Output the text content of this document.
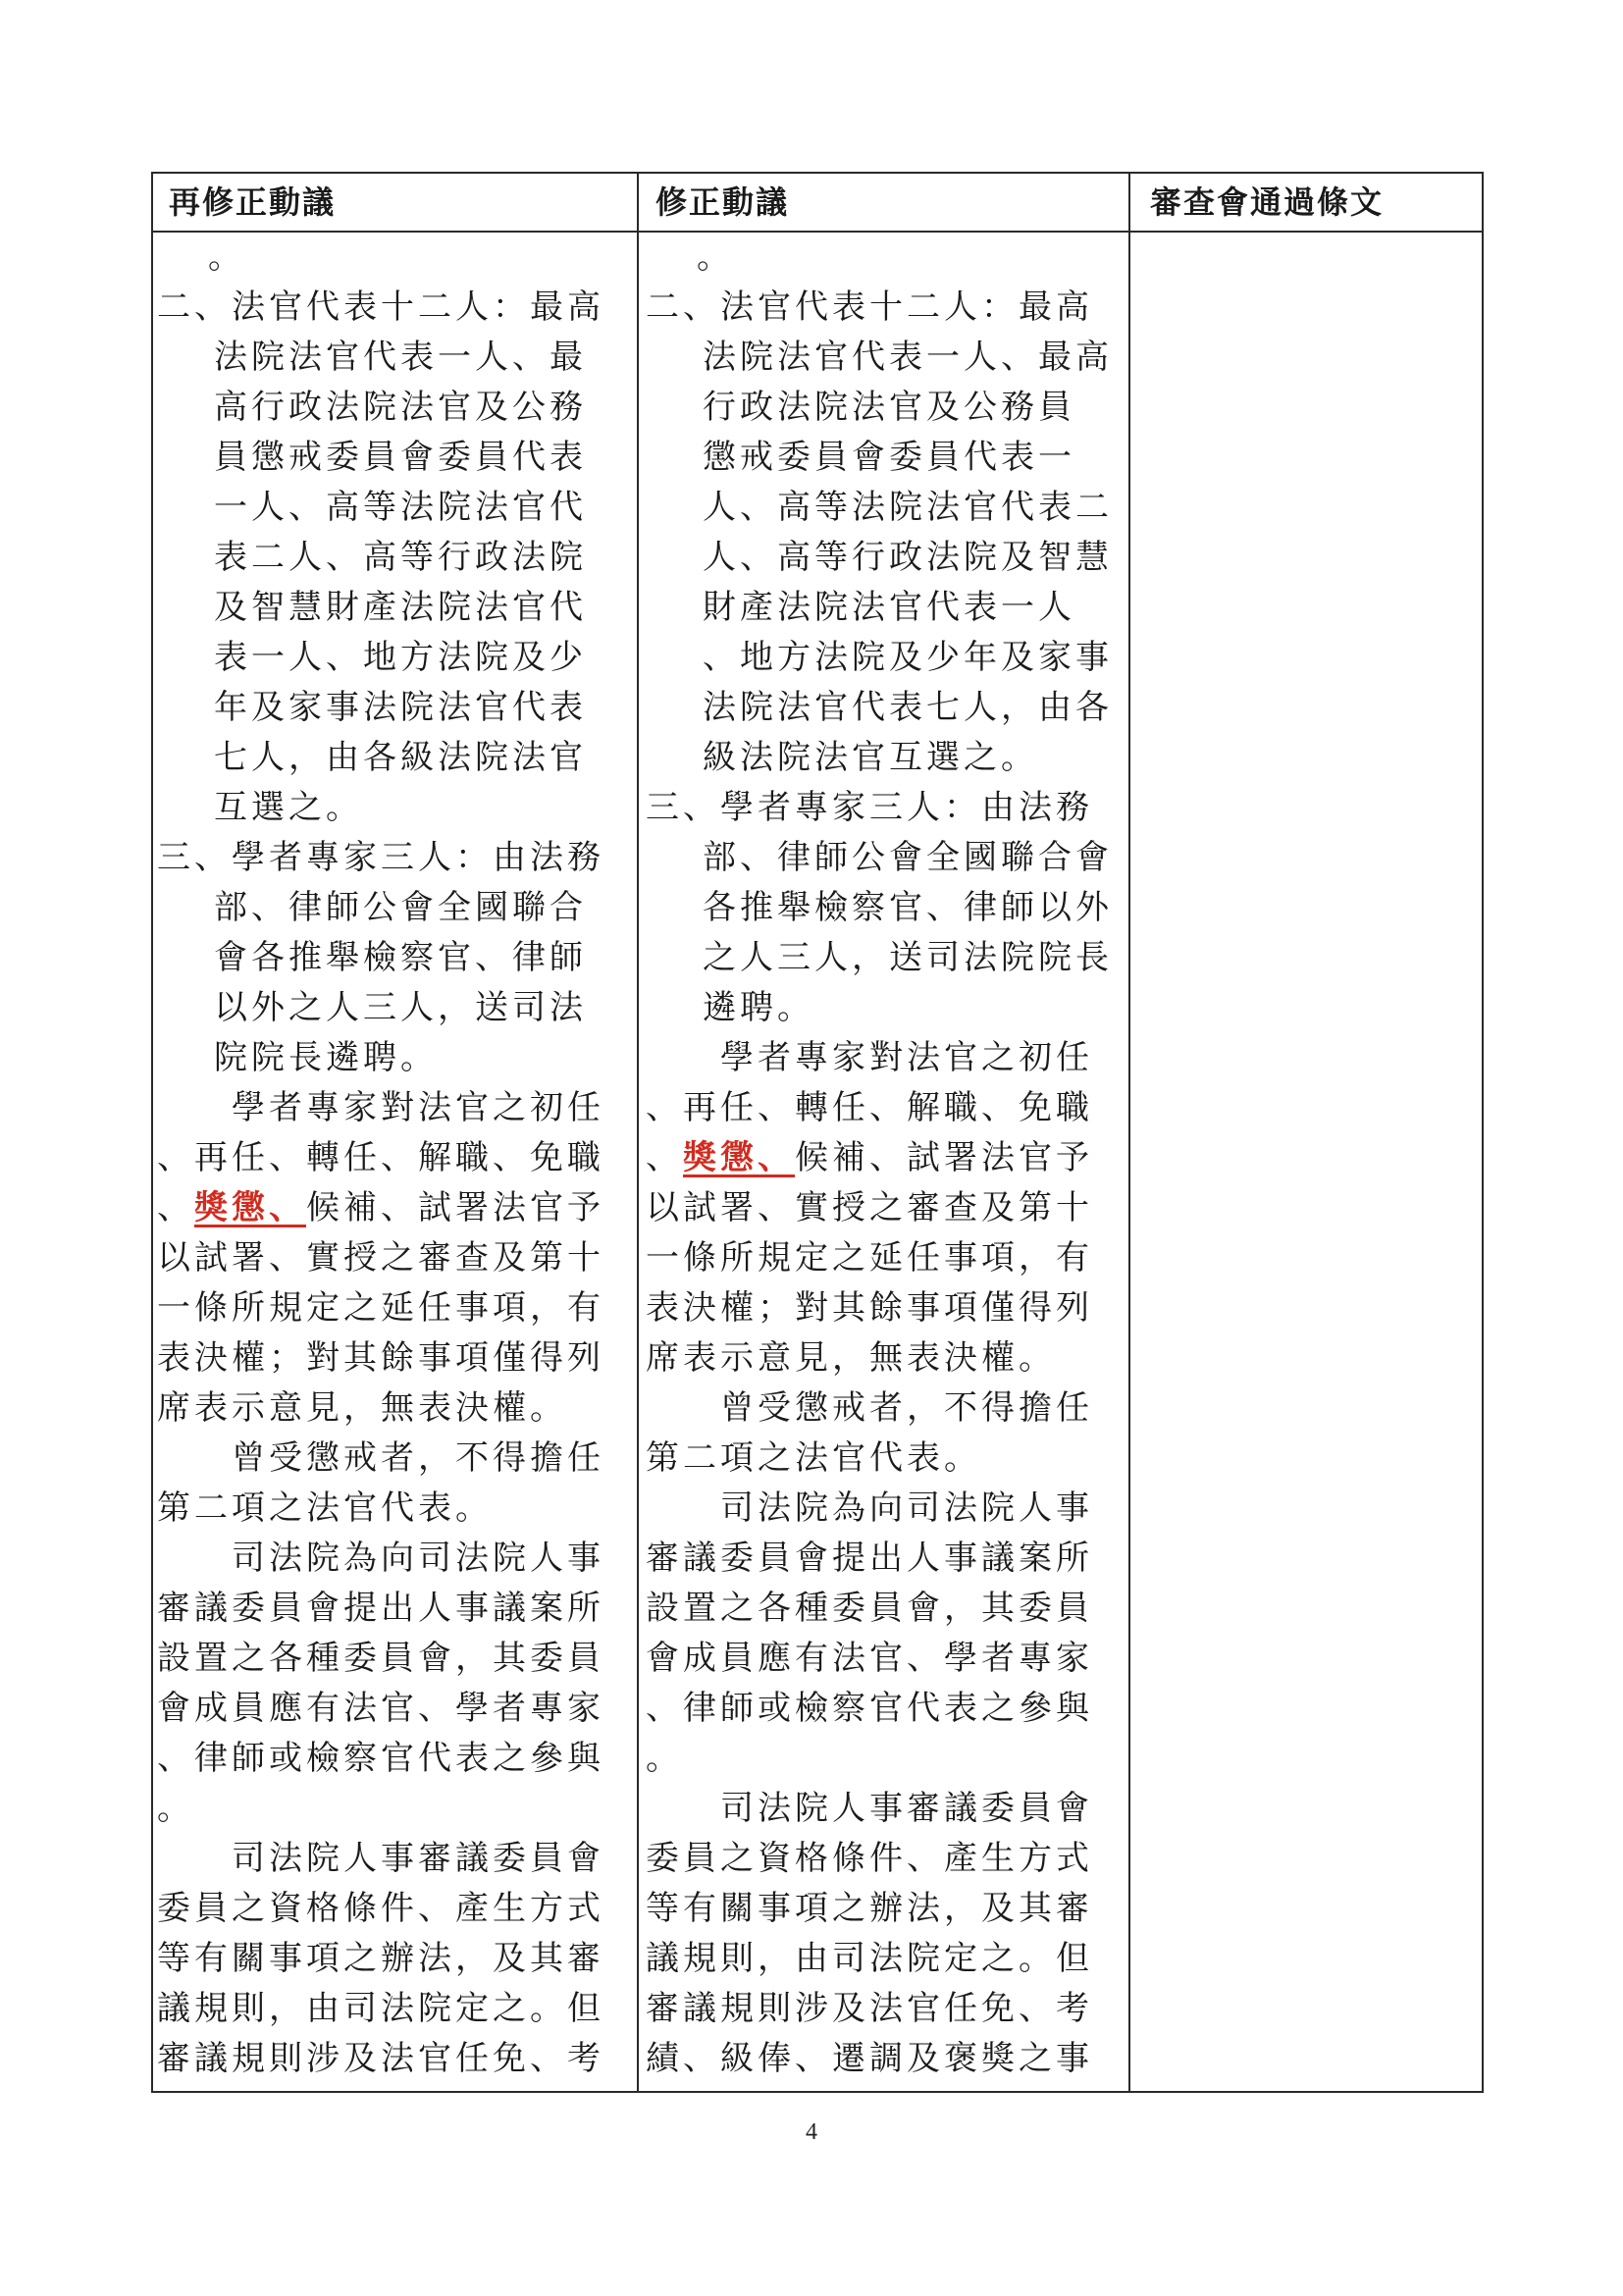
再修正動議	修正動議	審查會通過條文
。
二、法官代表十二人：最高
法院法官代表一人、最
高行政法院法官及公務
員懲戒委員會委員代表
一人、高等法院法官代
表二人、高等行政法院
及智慧財產法院法官代
表一人、地方法院及少
年及家事法院法官代表
七人，由各級法院法官
互選之。
三、學者專家三人：由法務
部、律師公會全國聯合
會各推舉檢察官、律師
以外之人三人，送司法
院院長遴聘。
學者專家對法官之初任
、再任、轉任、解職、免職
、獎懲、候補、試署法官予
以試署、實授之審查及第十
一條所規定之延任事項，有
表決權；對其餘事項僅得列
席表示意見，無表決權。
曾受懲戒者，不得擔任
第二項之法官代表。
司法院為向司法院人事
審議委員會提出人事議案所
設置之各種委員會，其委員
會成員應有法官、學者專家
、律師或檢察官代表之參與
。
司法院人事審議委員會
委員之資格條件、產生方式
等有關事項之辦法，及其審
議規則，由司法院定之。但
審議規則涉及法官任免、考
。
二、法官代表十二人：最高
法院法官代表一人、最高
行政法院法官及公務員
懲戒委員會委員代表一
人、高等法院法官代表二
人、高等行政法院及智慧
財產法院法官代表一人
、地方法院及少年及家事
法院法官代表七人，由各
級法院法官互選之。
三、學者專家三人：由法務
部、律師公會全國聯合會
各推舉檢察官、律師以外
之人三人，送司法院院長
遴聘。
學者專家對法官之初任
、再任、轉任、解職、免職
、獎懲、候補、試署法官予
以試署、實授之審查及第十
一條所規定之延任事項，有
表決權；對其餘事項僅得列
席表示意見，無表決權。
曾受懲戒者，不得擔任
第二項之法官代表。
司法院為向司法院人事
審議委員會提出人事議案所
設置之各種委員會，其委員
會成員應有法官、學者專家
、律師或檢察官代表之參與
。
司法院人事審議委員會
委員之資格條件、產生方式
等有關事項之辦法，及其審
議規則，由司法院定之。但
審議規則涉及法官任免、考
績、級俸、遷調及褒獎之事
4
